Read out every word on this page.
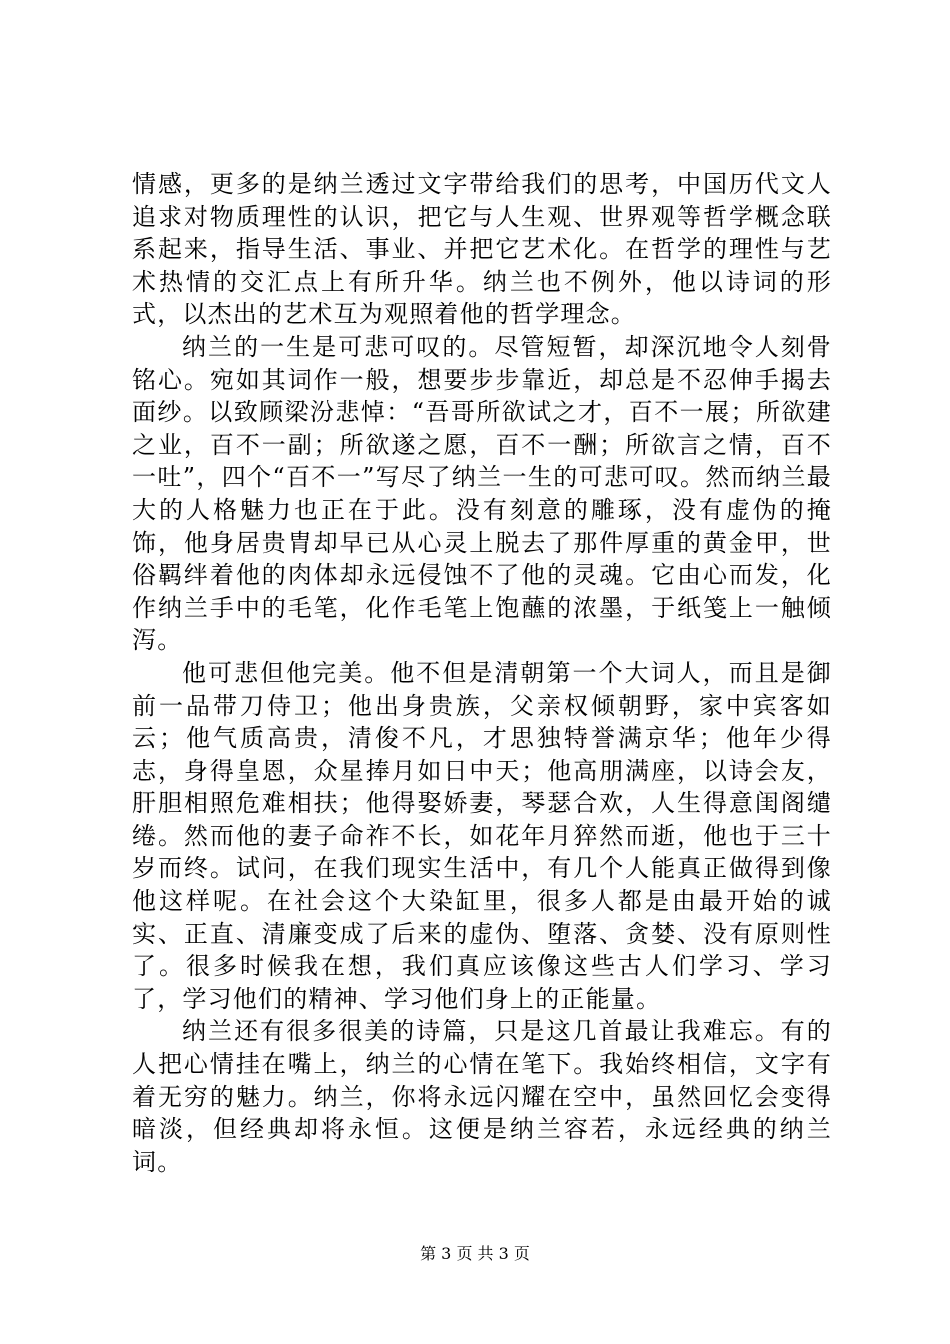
情感，更多的是纳兰透过文字带给我们的思考，中国历代文人追求对物质理性的认识，把它与人生观、世界观等哲学概念联系起来，指导生活、事业、并把它艺术化。在哲学的理性与艺术热情的交汇点上有所升华。纳兰也不例外，他以诗词的形式，以杰出的艺术互为观照着他的哲学理念。

纳兰的一生是可悲可叹的。尽管短暂，却深沉地令人刻骨铭心。宛如其词作一般，想要步步靠近，却总是不忍伸手揭去面纱。以致顾梁汾悲悼：“吾哥所欲试之才，百不一展；所欲建之业，百不一副；所欲遂之愿，百不一酬；所欲言之情，百不一吐”，四个“百不一”写尽了纳兰一生的可悲可叹。然而纳兰最大的人格魅力也正在于此。没有刻意的雕琢，没有虚伪的掩饰，他身居贵胄却早已从心灵上脱去了那件厚重的黄金甲，世俗羁绊着他的肉体却永远侵蚀不了他的灵魂。它由心而发，化作纳兰手中的毛笔，化作毛笔上饱蘸的浓墨，于纸笺上一触倾泻。

他可悲但他完美。他不但是清朝第一个大词人，而且是御前一品带刀侍卫；他出身贵族，父亲权倾朝野，家中宾客如云；他气质高贵，清俊不凡，才思独特誉满京华；他年少得志，身得皇恩，众星捧月如日中天；他高朋满座，以诗会友，肝胆相照危难相扶；他得娶娇妻，琴瑟合欢，人生得意闺阁缱绻。然而他的妻子命祚不长，如花年月猝然而逝，他也于三十岁而终。试问，在我们现实生活中，有几个人能真正做得到像他这样呢。在社会这个大染缸里，很多人都是由最开始的诚实、正直、清廉变成了后来的虚伪、堕落、贪婪、没有原则性了。很多时候我在想，我们真应该像这些古人们学习、学习了，学习他们的精神、学习他们身上的正能量。

纳兰还有很多很美的诗篇，只是这几首最让我难忘。有的人把心情挂在嘴上，纳兰的心情在笔下。我始终相信，文字有着无穷的魅力。纳兰，你将永远闪耀在空中，虽然回忆会变得暗淡，但经典却将永恒。这便是纳兰容若，永远经典的纳兰词。

第 3 页 共 3 页
